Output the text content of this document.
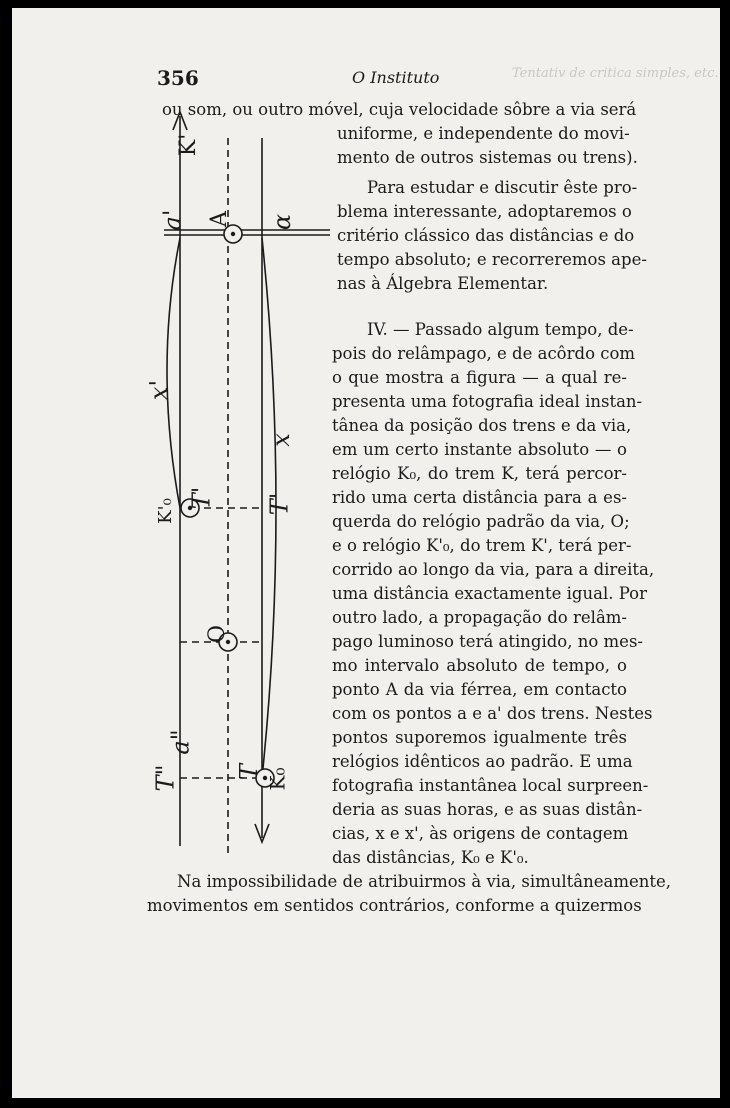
356	O Instituto	Tentativ de critica simples, etc.
a'
K'
A α
x'
x
K'₀
T' T'
O
a"
T" T K₀
ou som, ou outro móvel, cuja velocidade sôbre a via será
uniforme, e independente do movi-
mento de outros sistemas ou trens).
Para estudar e discutir êste pro-
blema interessante, adoptaremos o
critério clássico das distâncias e do
tempo absoluto; e recorreremos ape-
nas à Álgebra Elementar.
IV. — Passado algum tempo, de-
pois do relâmpago, e de acôrdo com
o que mostra a figura — a qual re-
presenta uma fotografia ideal instan-
tânea da posição dos trens e da via,
em um certo instante absoluto — o
relógio K₀, do trem K, terá percor-
rido uma certa distância para a es-
querda do relógio padrão da via, O;
e o relógio K'₀, do trem K', terá per-
corrido ao longo da via, para a direita,
uma distância exactamente igual. Por
outro lado, a propagação do relâm-
pago luminoso terá atingido, no mes-
mo intervalo absoluto de tempo, o
ponto A da via férrea, em contacto
com os pontos a e a' dos trens. Nestes
pontos suporemos igualmente três
relógios idênticos ao padrão. E uma
fotografia instantânea local surpreen-
deria as suas horas, e as suas distân-
cias, x e x', às origens de contagem
das distâncias, K₀ e K'₀.
Na impossibilidade de atribuirmos à via, simultâneamente,
movimentos em sentidos contrários, conforme a quizermos
